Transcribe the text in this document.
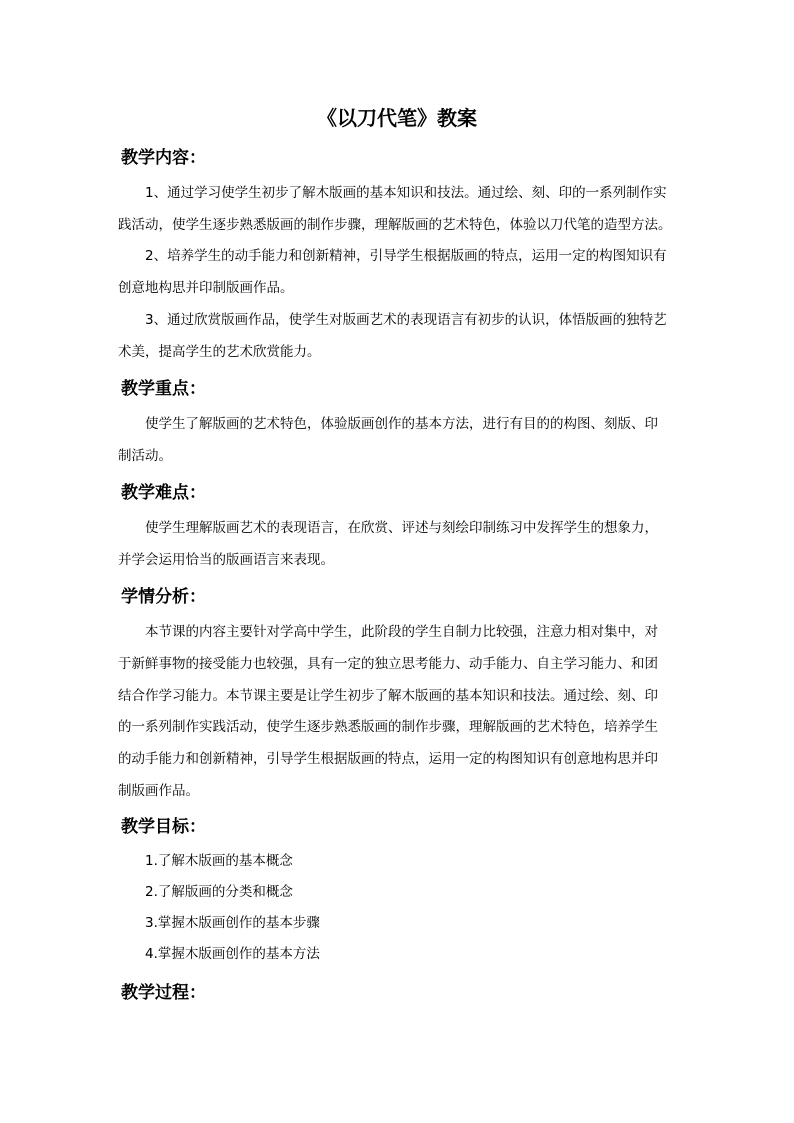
《以刀代笔》教案
教学内容：
1、通过学习使学生初步了解木版画的基本知识和技法。通过绘、刻、印的一系列制作实
践活动，使学生逐步熟悉版画的制作步骤，理解版画的艺术特色，体验以刀代笔的造型方法。
2、培养学生的动手能力和创新精神，引导学生根据版画的特点，运用一定的构图知识有
创意地构思并印制版画作品。
3、通过欣赏版画作品，使学生对版画艺术的表现语言有初步的认识，体悟版画的独特艺
术美，提高学生的艺术欣赏能力。
教学重点：
使学生了解版画的艺术特色，体验版画创作的基本方法，进行有目的的构图、刻版、印
制活动。
教学难点：
使学生理解版画艺术的表现语言，在欣赏、评述与刻绘印制练习中发挥学生的想象力，
并学会运用恰当的版画语言来表现。
学情分析：
本节课的内容主要针对学高中学生，此阶段的学生自制力比较强，注意力相对集中，对
于新鲜事物的接受能力也较强，具有一定的独立思考能力、动手能力、自主学习能力、和团
结合作学习能力。本节课主要是让学生初步了解木版画的基本知识和技法。通过绘、刻、印
的一系列制作实践活动，使学生逐步熟悉版画的制作步骤，理解版画的艺术特色，培养学生
的动手能力和创新精神，引导学生根据版画的特点，运用一定的构图知识有创意地构思并印
制版画作品。
教学目标：
1.了解木版画的基本概念
2.了解版画的分类和概念
3.掌握木版画创作的基本步骤
4.掌握木版画创作的基本方法
教学过程：
